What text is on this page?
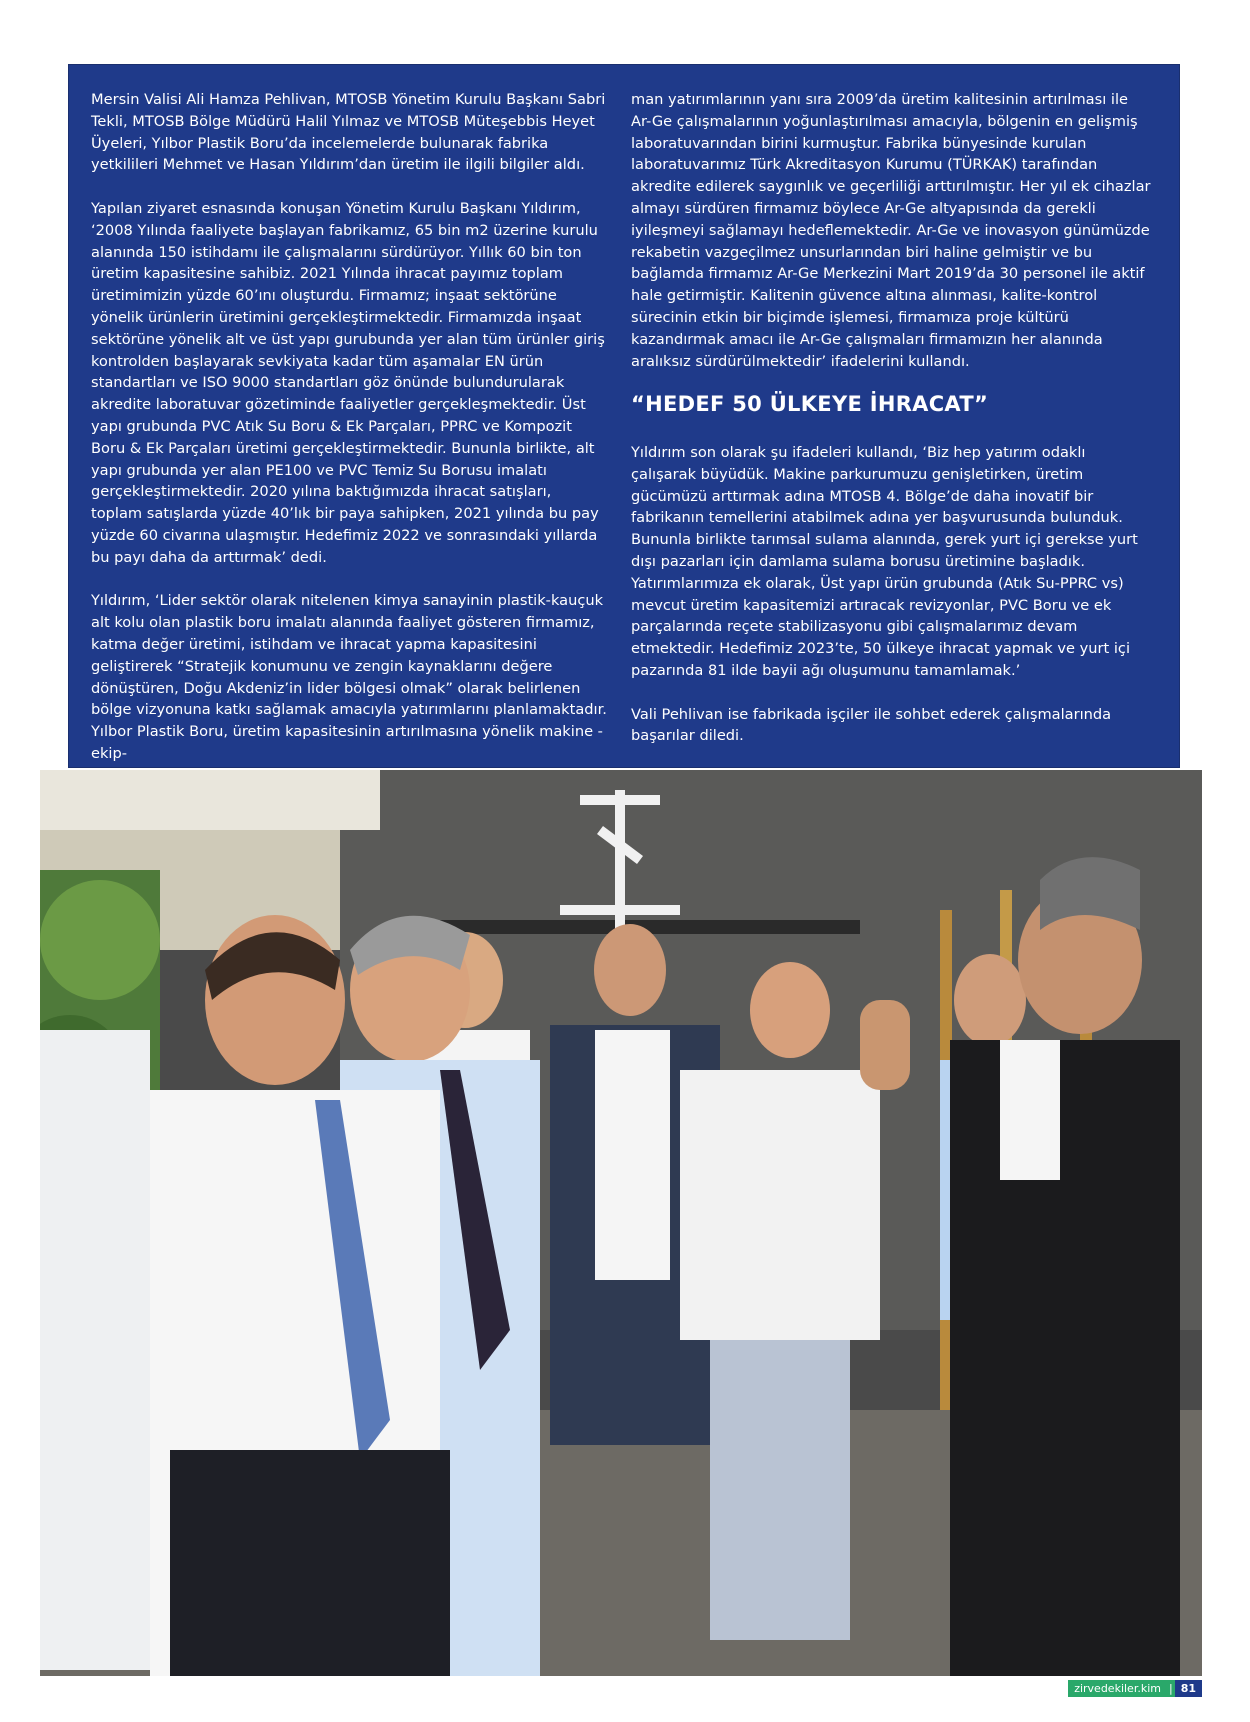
Mersin Valisi Ali Hamza Pehlivan, MTOSB Yönetim Kurulu Başkanı Sabri Tekli, MTOSB Bölge Müdürü Halil Yılmaz ve MTOSB Müteşebbis Heyet Üyeleri, Yılbor Plastik Boru’da incelemelerde bulunarak fabrika yetkilileri Mehmet ve Hasan Yıldırım’dan üretim ile ilgili bilgiler aldı.

Yapılan ziyaret esnasında konuşan Yönetim Kurulu Başkanı Yıldırım, ‘2008 Yılında faaliyete başlayan fabrikamız, 65 bin m2 üzerine kurulu alanında 150 istihdamı ile çalışmalarını sürdürüyor. Yıllık 60 bin ton üretim kapasitesine sahibiz. 2021 Yılında ihracat payımız toplam üretimimizin yüzde 60’ını oluşturdu. Firmamız; inşaat sektörüne yönelik ürünlerin üretimini gerçekleştirmektedir. Firmamızda inşaat sektörüne yönelik alt ve üst yapı gurubunda yer alan tüm ürünler giriş kontrolden başlayarak sevkiyata kadar tüm aşamalar EN ürün standartları ve ISO 9000 standartları göz önünde bulundurularak akredite laboratuvar gözetiminde faaliyetler gerçekleşmektedir. Üst yapı grubunda PVC Atık Su Boru & Ek Parçaları, PPRC ve Kompozit Boru & Ek Parçaları üretimi gerçekleştirmektedir. Bununla birlikte, alt yapı grubunda yer alan PE100 ve PVC Temiz Su Borusu imalatı gerçekleştirmektedir. 2020 yılına baktığımızda ihracat satışları, toplam satışlarda yüzde 40’lık bir paya sahipken, 2021 yılında bu pay yüzde 60 civarına ulaşmıştır. Hedefimiz 2022 ve sonrasındaki yıllarda bu payı daha da arttırmak’ dedi.

Yıldırım, ‘Lider sektör olarak nitelenen kimya sanayinin plastik-kauçuk alt kolu olan plastik boru imalatı alanında faaliyet gösteren firmamız, katma değer üretimi, istihdam ve ihracat yapma kapasitesini geliştirerek “Stratejik konumunu ve zengin kaynaklarını değere dönüştüren, Doğu Akdeniz’in lider bölgesi olmak” olarak belirlenen bölge vizyonuna katkı sağlamak amacıyla yatırımlarını planlamaktadır. Yılbor Plastik Boru, üretim kapasitesinin artırılmasına yönelik makine - ekip-

man yatırımlarının yanı sıra 2009’da üretim kalitesinin artırılması ile Ar-Ge çalışmalarının yoğunlaştırılması amacıyla, bölgenin en gelişmiş laboratuvarından birini kurmuştur. Fabrika bünyesinde kurulan laboratuvarımız Türk Akreditasyon Kurumu (TÜRKAK) tarafından akredite edilerek saygınlık ve geçerliliği arttırılmıştır. Her yıl ek cihazlar almayı sürdüren firmamız böylece Ar-Ge altyapısında da gerekli iyileşmeyi sağlamayı hedeflemektedir. Ar-Ge ve inovasyon günümüzde rekabetin vazgeçilmez unsurlarından biri haline gelmiştir ve bu bağlamda firmamız Ar-Ge Merkezini Mart 2019’da 30 personel ile aktif hale getirmiştir. Kalitenin güvence altına alınması, kalite-kontrol sürecinin etkin bir biçimde işlemesi, firmamıza proje kültürü kazandırmak amacı ile Ar-Ge çalışmaları firmamızın her alanında aralıksız sürdürülmektedir’ ifadelerini kullandı.

“HEDEF 50 ÜLKEYE İHRACAT”

Yıldırım son olarak şu ifadeleri kullandı, ‘Biz hep yatırım odaklı çalışarak büyüdük. Makine parkurumuzu genişletirken, üretim gücümüzü arttırmak adına MTOSB 4. Bölge’de daha inovatif bir fabrikanın temellerini atabilmek adına yer başvurusunda bulunduk. Bununla birlikte tarımsal sulama alanında, gerek yurt içi gerekse yurt dışı pazarları için damlama sulama borusu üretimine başladık. Yatırımlarımıza ek olarak, Üst yapı ürün grubunda (Atık Su-PPRC vs) mevcut üretim kapasitemizi artıracak revizyonlar, PVC Boru ve ek parçalarında reçete stabilizasyonu gibi çalışmalarımız devam etmektedir. Hedefimiz 2023’te, 50 ülkeye ihracat yapmak ve yurt içi pazarında 81 ilde bayii ağı oluşumunu tamamlamak.’

Vali Pehlivan ise fabrikada işçiler ile sohbet ederek çalışmalarında başarılar diledi.

zirvedekiler.kim | 81
